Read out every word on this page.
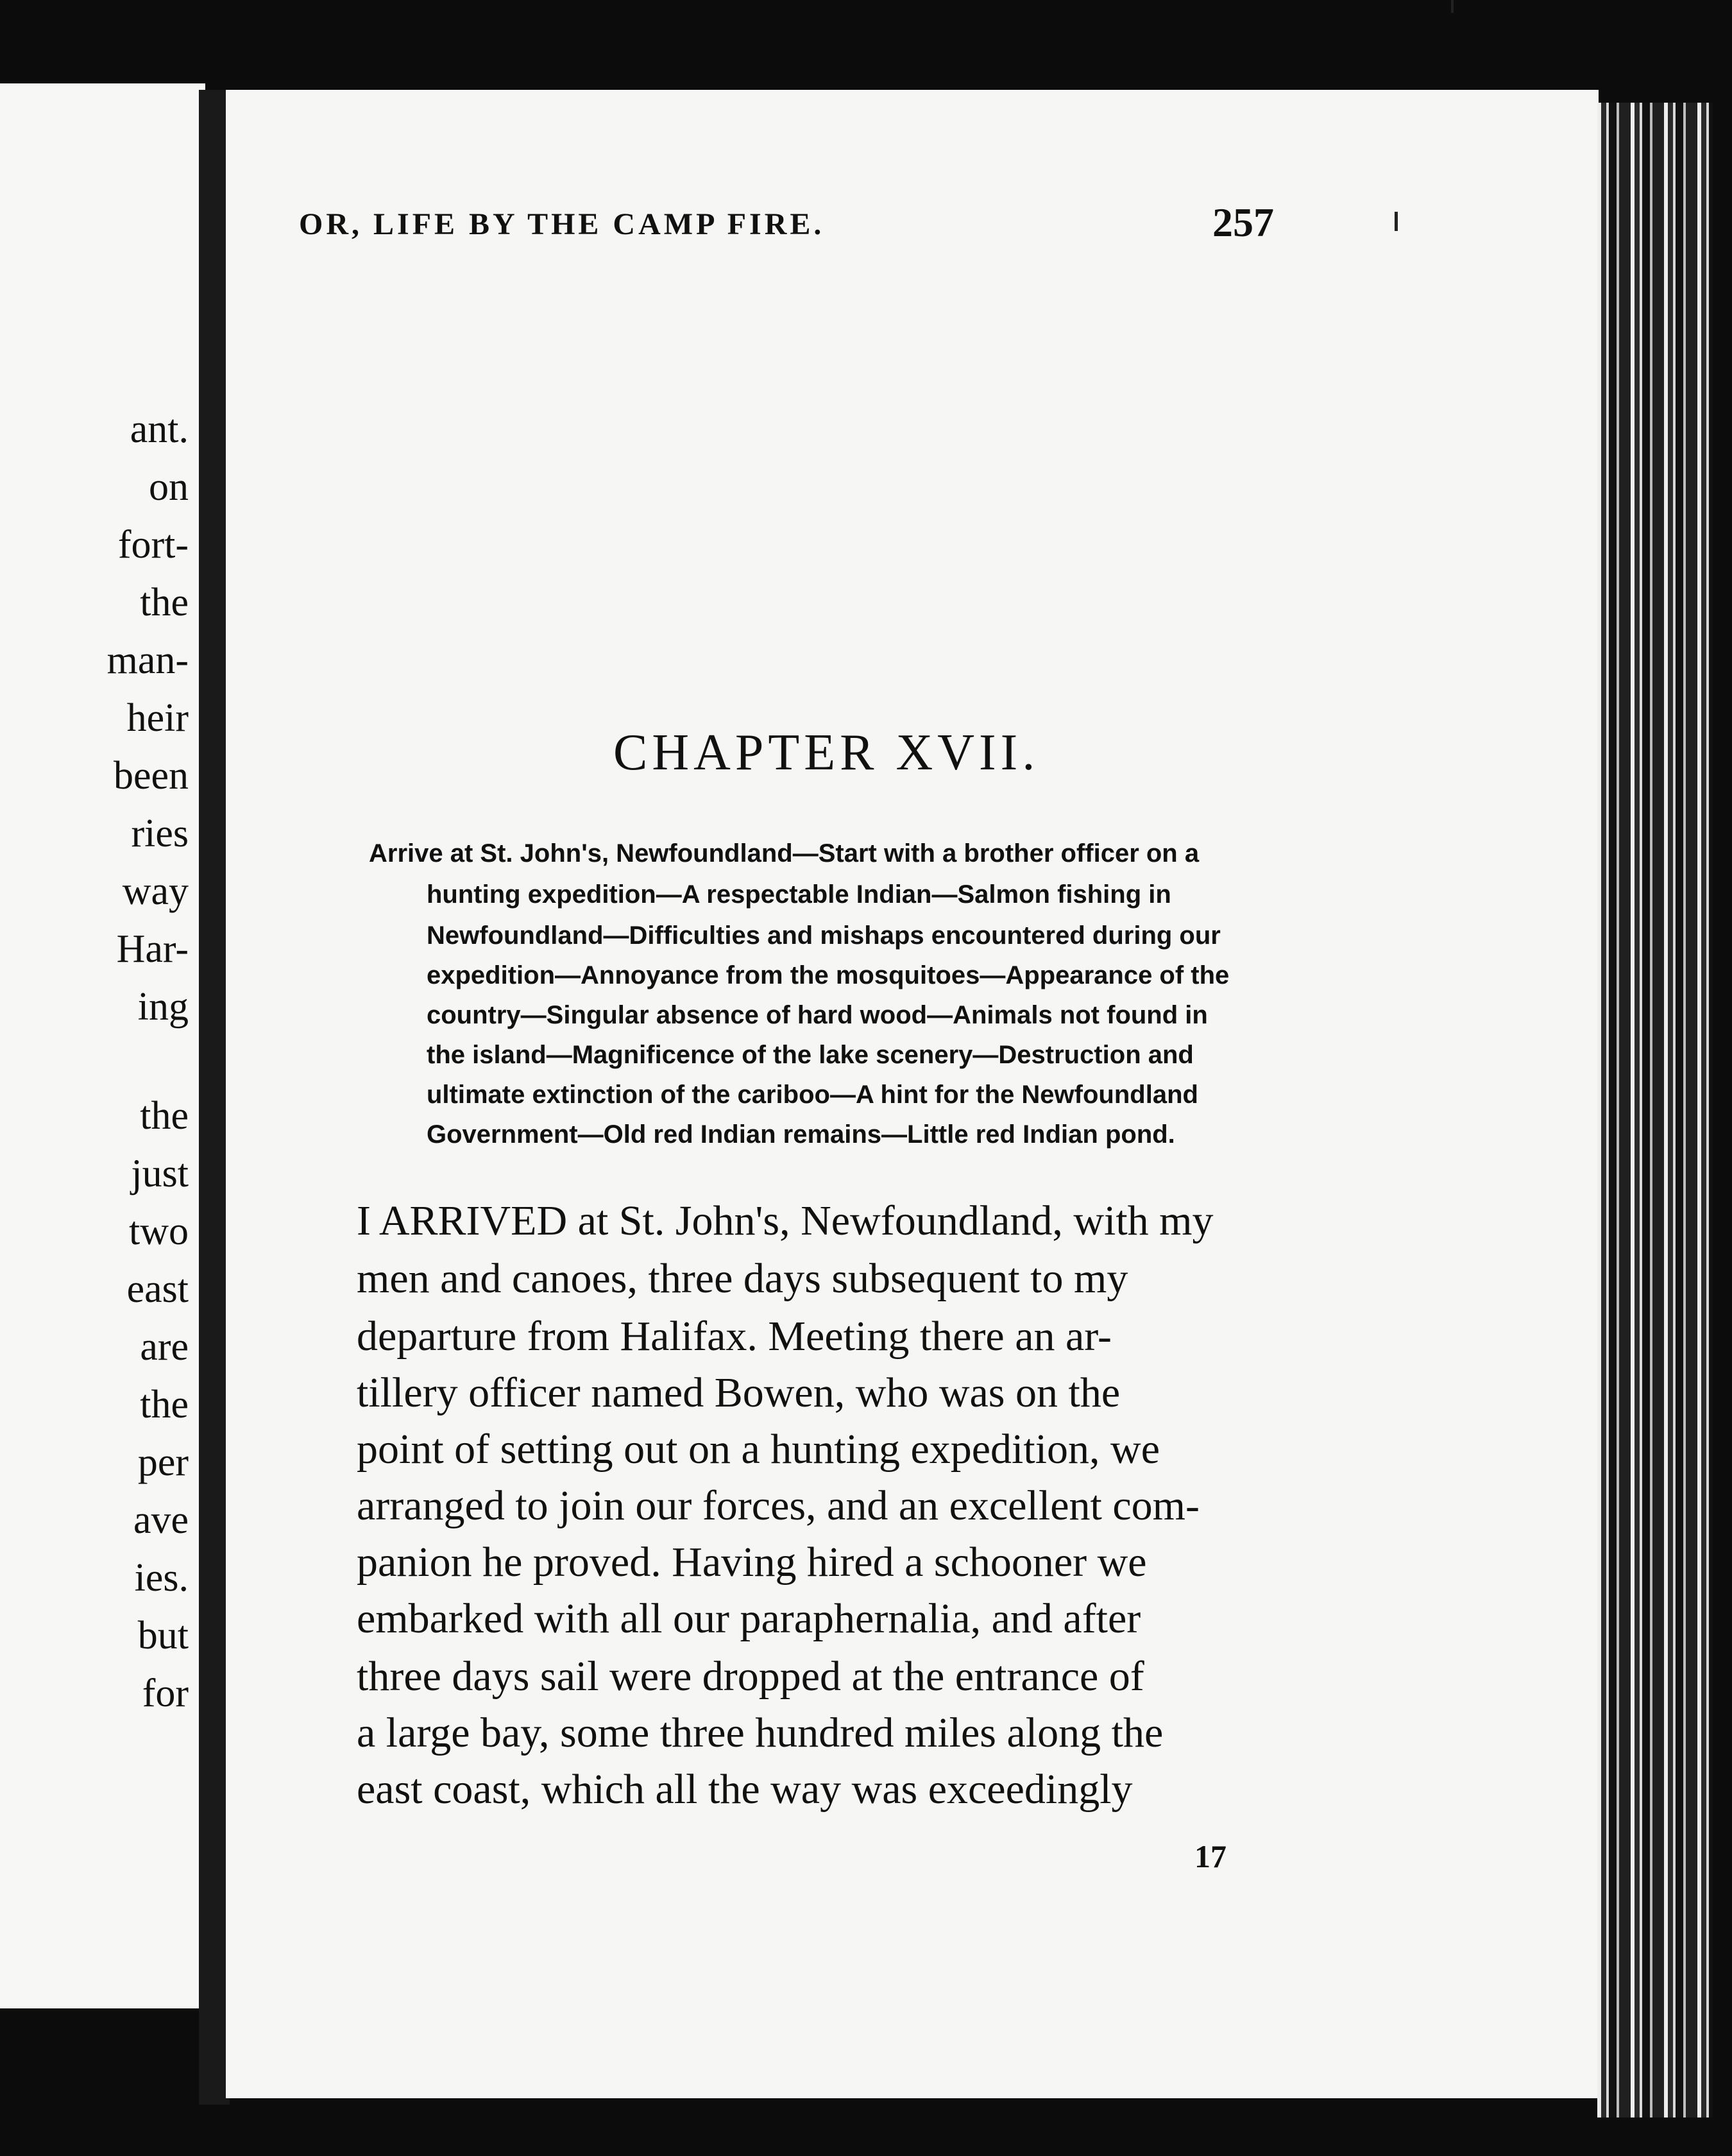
ant.
on
fort-
the
man-
heir
been
ries
way
Har-
ing
the
just
two
east
are
the
per
ave
ies.
but
for
OR, LIFE BY THE CAMP FIRE.	257
CHAPTER XVII.
Arrive at St. John's, Newfoundland—Start with a brother officer on a
hunting expedition—A respectable Indian—Salmon fishing in
Newfoundland—Difficulties and mishaps encountered during our
expedition—Annoyance from the mosquitoes—Appearance of the
country—Singular absence of hard wood—Animals not found in
the island—Magnificence of the lake scenery—Destruction and
ultimate extinction of the cariboo—A hint for the Newfoundland
Government—Old red Indian remains—Little red Indian pond.
I ARRIVED at St. John's, Newfoundland, with my
men and canoes, three days subsequent to my
departure from Halifax. Meeting there an ar-
tillery officer named Bowen, who was on the
point of setting out on a hunting expedition, we
arranged to join our forces, and an excellent com-
panion he proved. Having hired a schooner we
embarked with all our paraphernalia, and after
three days sail were dropped at the entrance of
a large bay, some three hundred miles along the
east coast, which all the way was exceedingly
17
